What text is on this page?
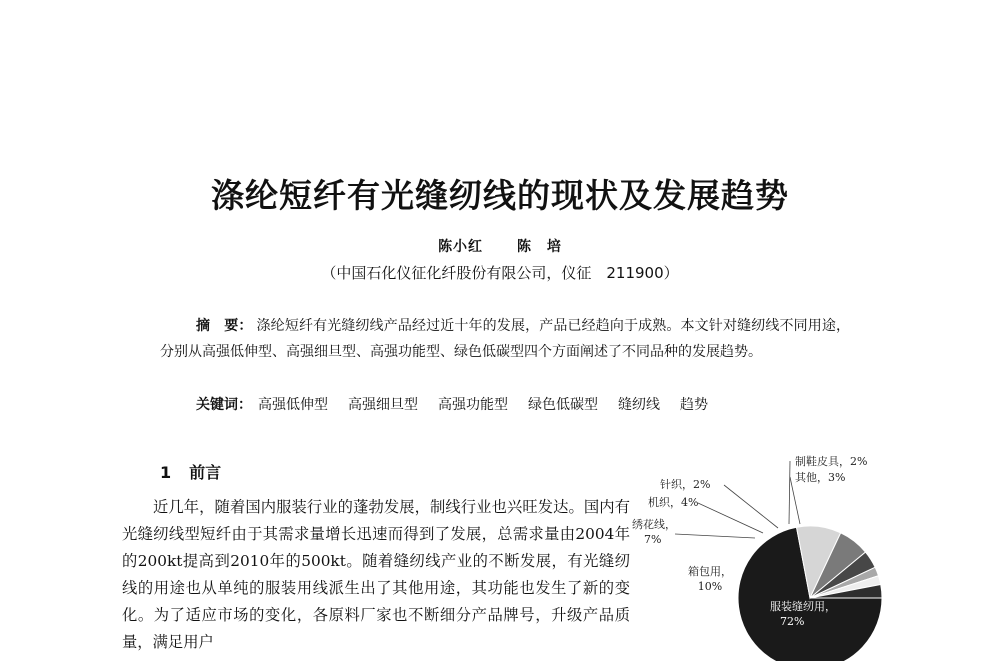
涤纶短纤有光缝纫线的现状及发展趋势
陈小红 陈　培
（中国石化仪征化纤股份有限公司，仪征　211900）
摘　要： 涤纶短纤有光缝纫线产品经过近十年的发展，产品已经趋向于成熟。本文针对缝纫线不同用途，分别从高强低伸型、高强细旦型、高强功能型、绿色低碳型四个方面阐述了不同品种的发展趋势。
关键词： 高强低伸型 高强细旦型 高强功能型 绿色低碳型 缝纫线 趋势
1 前言
近几年，随着国内服装行业的蓬勃发展，制线行业也兴旺发达。国内有光缝纫线型短纤由于其需求量增长迅速而得到了发展，总需求量由2004年的200kt提高到2010年的500kt。随着缝纫线产业的不断发展，有光缝纫线的用途也从单纯的服装用线派生出了其他用途，其功能也发生了新的变化。为了适应市场的变化，各原料厂家也不断细分产品牌号，升级产品质量，满足用户
服装缝纫用， 72%
箱包用， 10%
绣花线， 7%
机织，4%
针织，2%
制鞋皮具，2%
其他，3%
